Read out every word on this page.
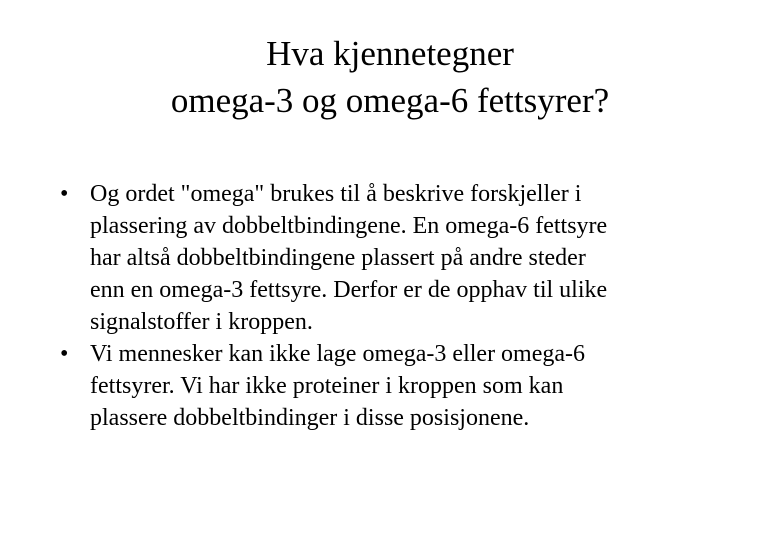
Hva kjennetegner
omega-3 og omega-6 fettsyrer?
• Og ordet "omega" brukes til å beskrive forskjeller i
plassering av dobbeltbindingene. En omega-6 fettsyre
har altså dobbeltbindingene plassert på andre steder
enn en omega-3 fettsyre. Derfor er de opphav til ulike
signalstoffer i kroppen.
• Vi mennesker kan ikke lage omega-3 eller omega-6
fettsyrer. Vi har ikke proteiner i kroppen som kan
plassere dobbeltbindinger i disse posisjonene.
